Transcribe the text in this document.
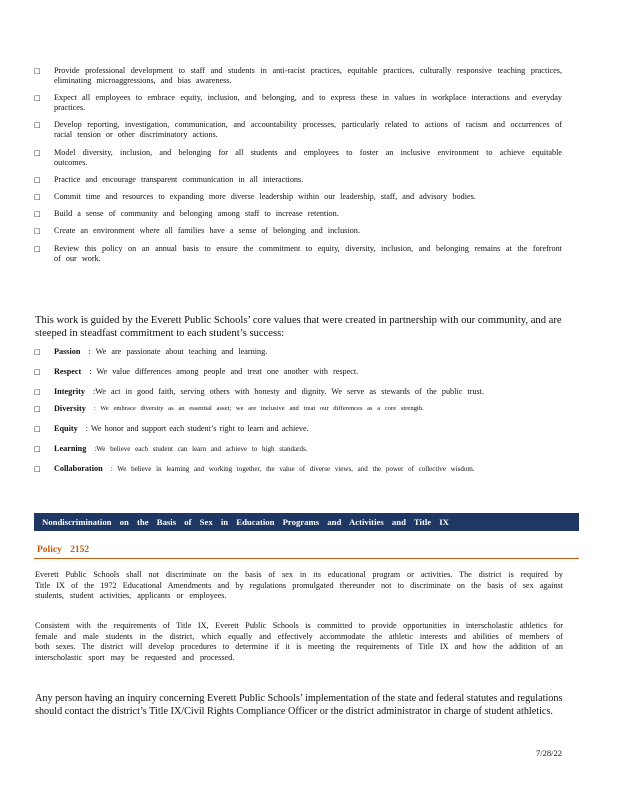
□	Provide professional development to staff and students in anti-racist practices, equitable practices, culturally responsive teaching practices, eliminating microaggressions, and bias awareness.
□	Expect all employees to embrace equity, inclusion, and belonging, and to express these in values in workplace interactions and everyday practices.
□	Develop reporting, investigation, communication, and accountability processes, particularly related to actions of racism and occurrences of racial tension or other discriminatory actions.
□	Model diversity, inclusion, and belonging for all students and employees to foster an inclusive environment to achieve equitable outcomes.
□	Practice and encourage transparent communication in all interactions.
□	Commit time and resources to expanding more diverse leadership within our leadership, staff, and advisory bodies.
□	Build a sense of community and belonging among staff to increase retention.
□	Create an environment where all families have a sense of belonging and inclusion.
□	Review this policy on an annual basis to ensure the commitment to equity, diversity, inclusion, and belonging remains at the forefront of our work.
This work is guided by the Everett Public Schools’ core values that were created in partnership with our community, and are steeped in steadfast commitment to each student’s success:
□	Passion : We are passionate about teaching and learning.
□	Respect : We value differences among people and treat one another with respect.
□	Integrity :We act in good faith, serving others with honesty and dignity. We serve as stewards of the public trust.
□	Diversity : We embrace diversity as an essential asset; we are inclusive and treat our differences as a core strength.
□	Equity : We honor and support each student’s right to learn and achieve.
□	Learning :We believe each student can learn and achieve to high standards.
□	Collaboration : We believe in learning and working together, the value of diverse views, and the power of collective wisdom.
Nondiscrimination on the Basis of Sex in Education Programs and Activities and Title IX
Policy 2152
Everett Public Schools shall not discriminate on the basis of sex in its educational program or activities. The district is required by Title IX of the 1972 Educational Amendments and by regulations promulgated thereunder not to discriminate on the basis of sex against students, student activities, applicants or employees.
Consistent with the requirements of Title IX, Everett Public Schools is committed to provide opportunities in interscholastic athletics for female and male students in the district, which equally and effectively accommodate the athletic interests and abilities of members of both sexes. The district will develop procedures to determine if it is meeting the requirements of Title IX and how the addition of an interscholastic sport may be requested and processed.
Any person having an inquiry concerning Everett Public Schools’ implementation of the state and federal statutes and regulations should contact the district’s Title IX/Civil Rights Compliance Officer or the district administrator in charge of student athletics.
7/28/22
